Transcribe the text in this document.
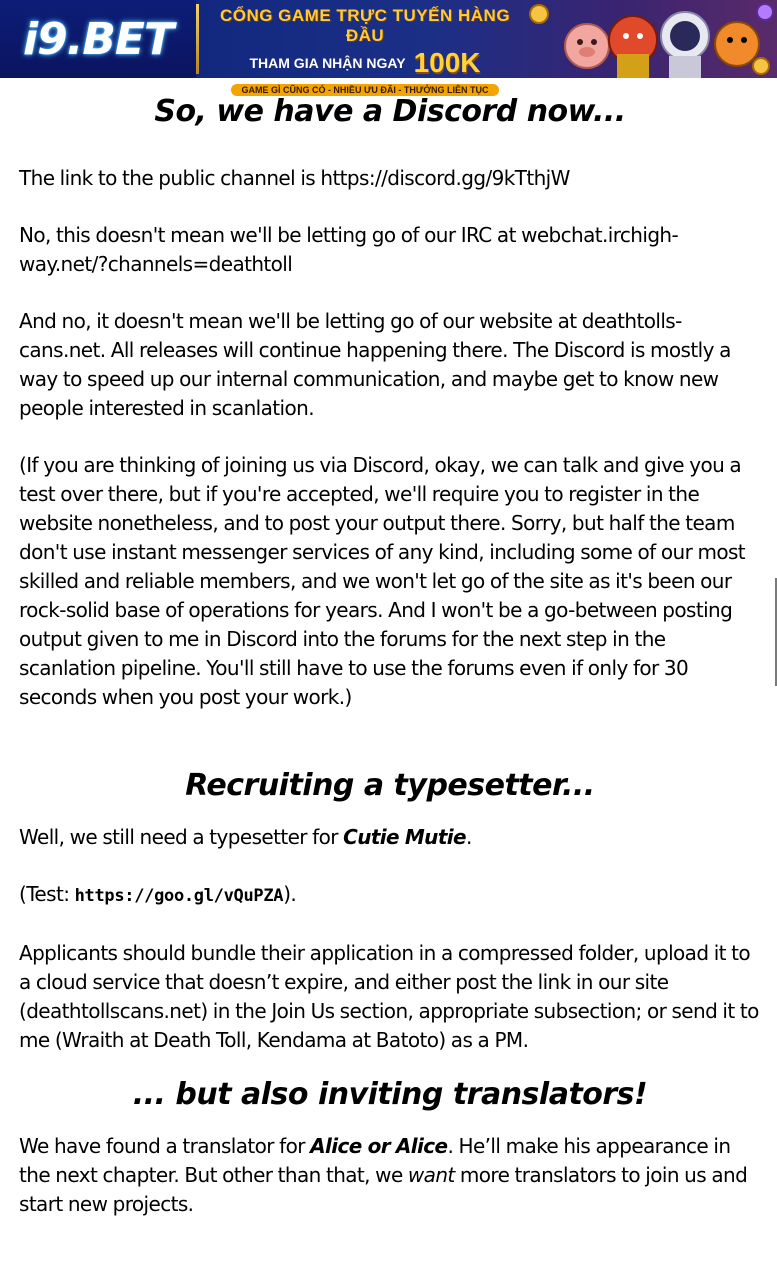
i9.BET	CỔNG GAME TRỰC TUYẾN HÀNG ĐẦU
THAM GIA NHẬN NGAY 100K
GAME GÌ CŨNG CÓ - NHIỀU ƯU ĐÃI - THƯỞNG LIÊN TỤC
So, we have a Discord now...

The link to the public channel is https://discord.gg/9kTthjW

No, this doesn't mean we'll be letting go of our IRC at webchat.irchigh-way.net/?channels=deathtoll

And no, it doesn't mean we'll be letting go of our website at deathtolls-cans.net. All releases will continue happening there. The Discord is mostly a way to speed up our internal communication, and maybe get to know new people interested in scanlation.

(If you are thinking of joining us via Discord, okay, we can talk and give you a test over there, but if you're accepted, we'll require you to register in the website nonetheless, and to post your output there. Sorry, but half the team don't use instant messenger services of any kind, including some of our most skilled and reliable members, and we won't let go of the site as it's been our rock-solid base of operations for years. And I won't be a go-between posting output given to me in Discord into the forums for the next step in the scanlation pipeline. You'll still have to use the forums even if only for 30 seconds when you post your work.)

Recruiting a typesetter...

Well, we still need a typesetter for Cutie Mutie.

(Test: https://goo.gl/vQuPZA).

Applicants should bundle their application in a compressed folder, upload it to a cloud service that doesn’t expire, and either post the link in our site (deathtollscans.net) in the Join Us section, appropriate subsection; or send it to me (Wraith at Death Toll, Kendama at Batoto) as a PM.

... but also inviting translators!

We have found a translator for Alice or Alice. He’ll make his appearance in the next chapter. But other than that, we want more translators to join us and start new projects.
